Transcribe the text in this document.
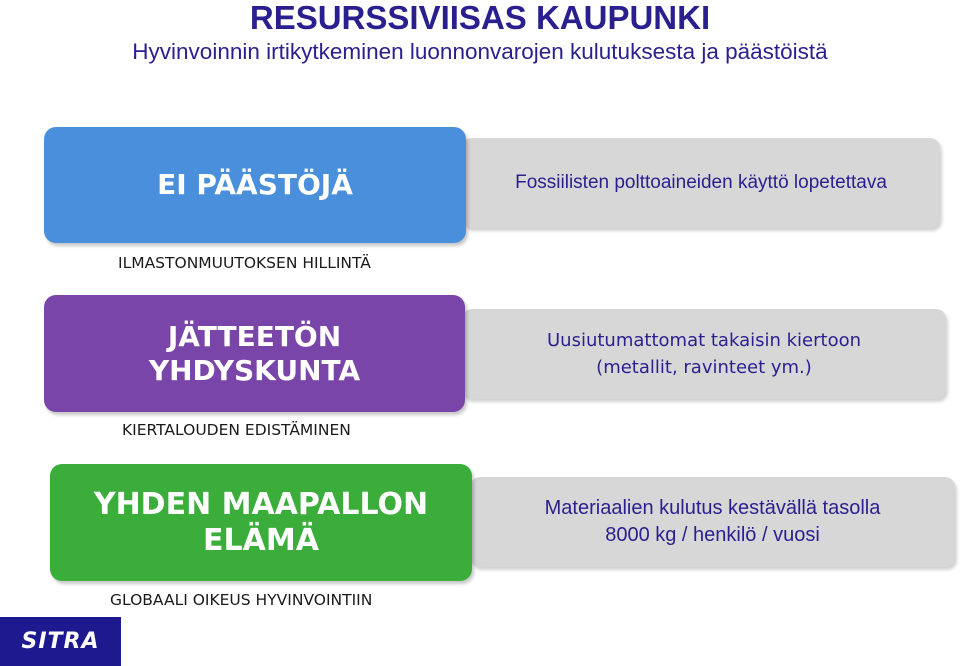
RESURSSIVIISAS KAUPUNKI
Hyvinvoinnin irtikytkeminen luonnonvarojen kulutuksesta ja päästöistä
Fossiilisten polttoaineiden käyttö lopetettava
EI PÄÄSTÖJÄ
ILMASTONMUUTOKSEN HILLINTÄ
Uusiutumattomat takaisin kiertoon
(metallit, ravinteet ym.)
JÄTTEETÖN
YHDYSKUNTA
KIERTALOUDEN EDISTÄMINEN
Materiaalien kulutus kestävällä tasolla
8000 kg / henkilö / vuosi
YHDEN MAAPALLON
ELÄMÄ
GLOBAALI OIKEUS HYVINVOINTIIN
SITRA
